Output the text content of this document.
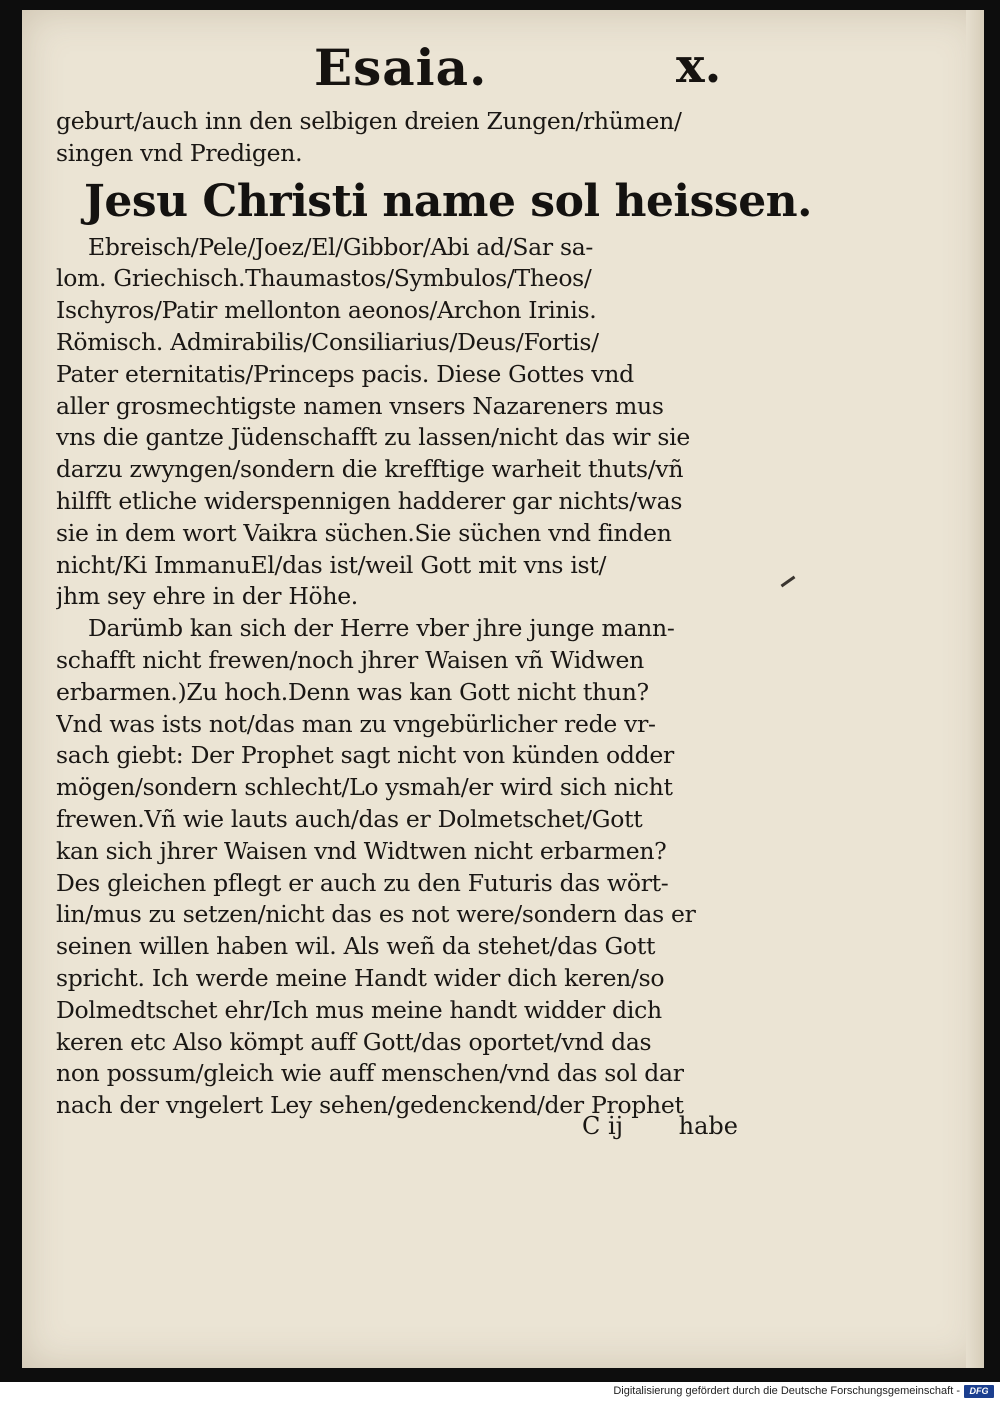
Esaia.	x.
geburt/auch inn den selbigen dreien Zungen/rhümen/
singen vnd Predigen.
Jesu Christi name sol heissen.
Ebreisch/Pele/Joez/El/Gibbor/Abi ad/Sar sa-
lom. Griechisch.Thaumastos/Symbulos/Theos/
Ischyros/Patir mellonton aeonos/Archon Irinis.
Römisch. Admirabilis/Consiliarius/Deus/Fortis/
Pater eternitatis/Princeps pacis. Diese Gottes vnd
aller grosmechtigste namen vnsers Nazareners mus
vns die gantze Jüdenschafft zu lassen/nicht das wir sie
darzu zwyngen/sondern die krefftige warheit thuts/vñ
hilfft etliche widerspennigen hadderer gar nichts/was
sie in dem wort Vaikra süchen.Sie süchen vnd finden
nicht/Ki ImmanuEl/das ist/weil Gott mit vns ist/
jhm sey ehre in der Höhe.
Darümb kan sich der Herre vber jhre junge mann-
schafft nicht frewen/noch jhrer Waisen vñ Widwen
erbarmen.)Zu hoch.Denn was kan Gott nicht thun?
Vnd was ists not/das man zu vngebürlicher rede vr-
sach giebt: Der Prophet sagt nicht von künden odder
mögen/sondern schlecht/Lo ysmah/er wird sich nicht
frewen.Vñ wie lauts auch/das er Dolmetschet/Gott
kan sich jhrer Waisen vnd Widtwen nicht erbarmen?
Des gleichen pflegt er auch zu den Futuris das wört-
lin/mus zu setzen/nicht das es not were/sondern das er
seinen willen haben wil. Als weñ da stehet/das Gott
spricht. Ich werde meine Handt wider dich keren/so
Dolmedtschet ehr/Ich mus meine handt widder dich
keren etc Also kömpt auff Gott/das oportet/vnd das
non possum/gleich wie auff menschen/vnd das sol dar
nach der vngelert Ley sehen/gedenckend/der Prophet
C ij habe
Digitalisierung gefördert durch die Deutsche Forschungsgemeinschaft -	DFG
